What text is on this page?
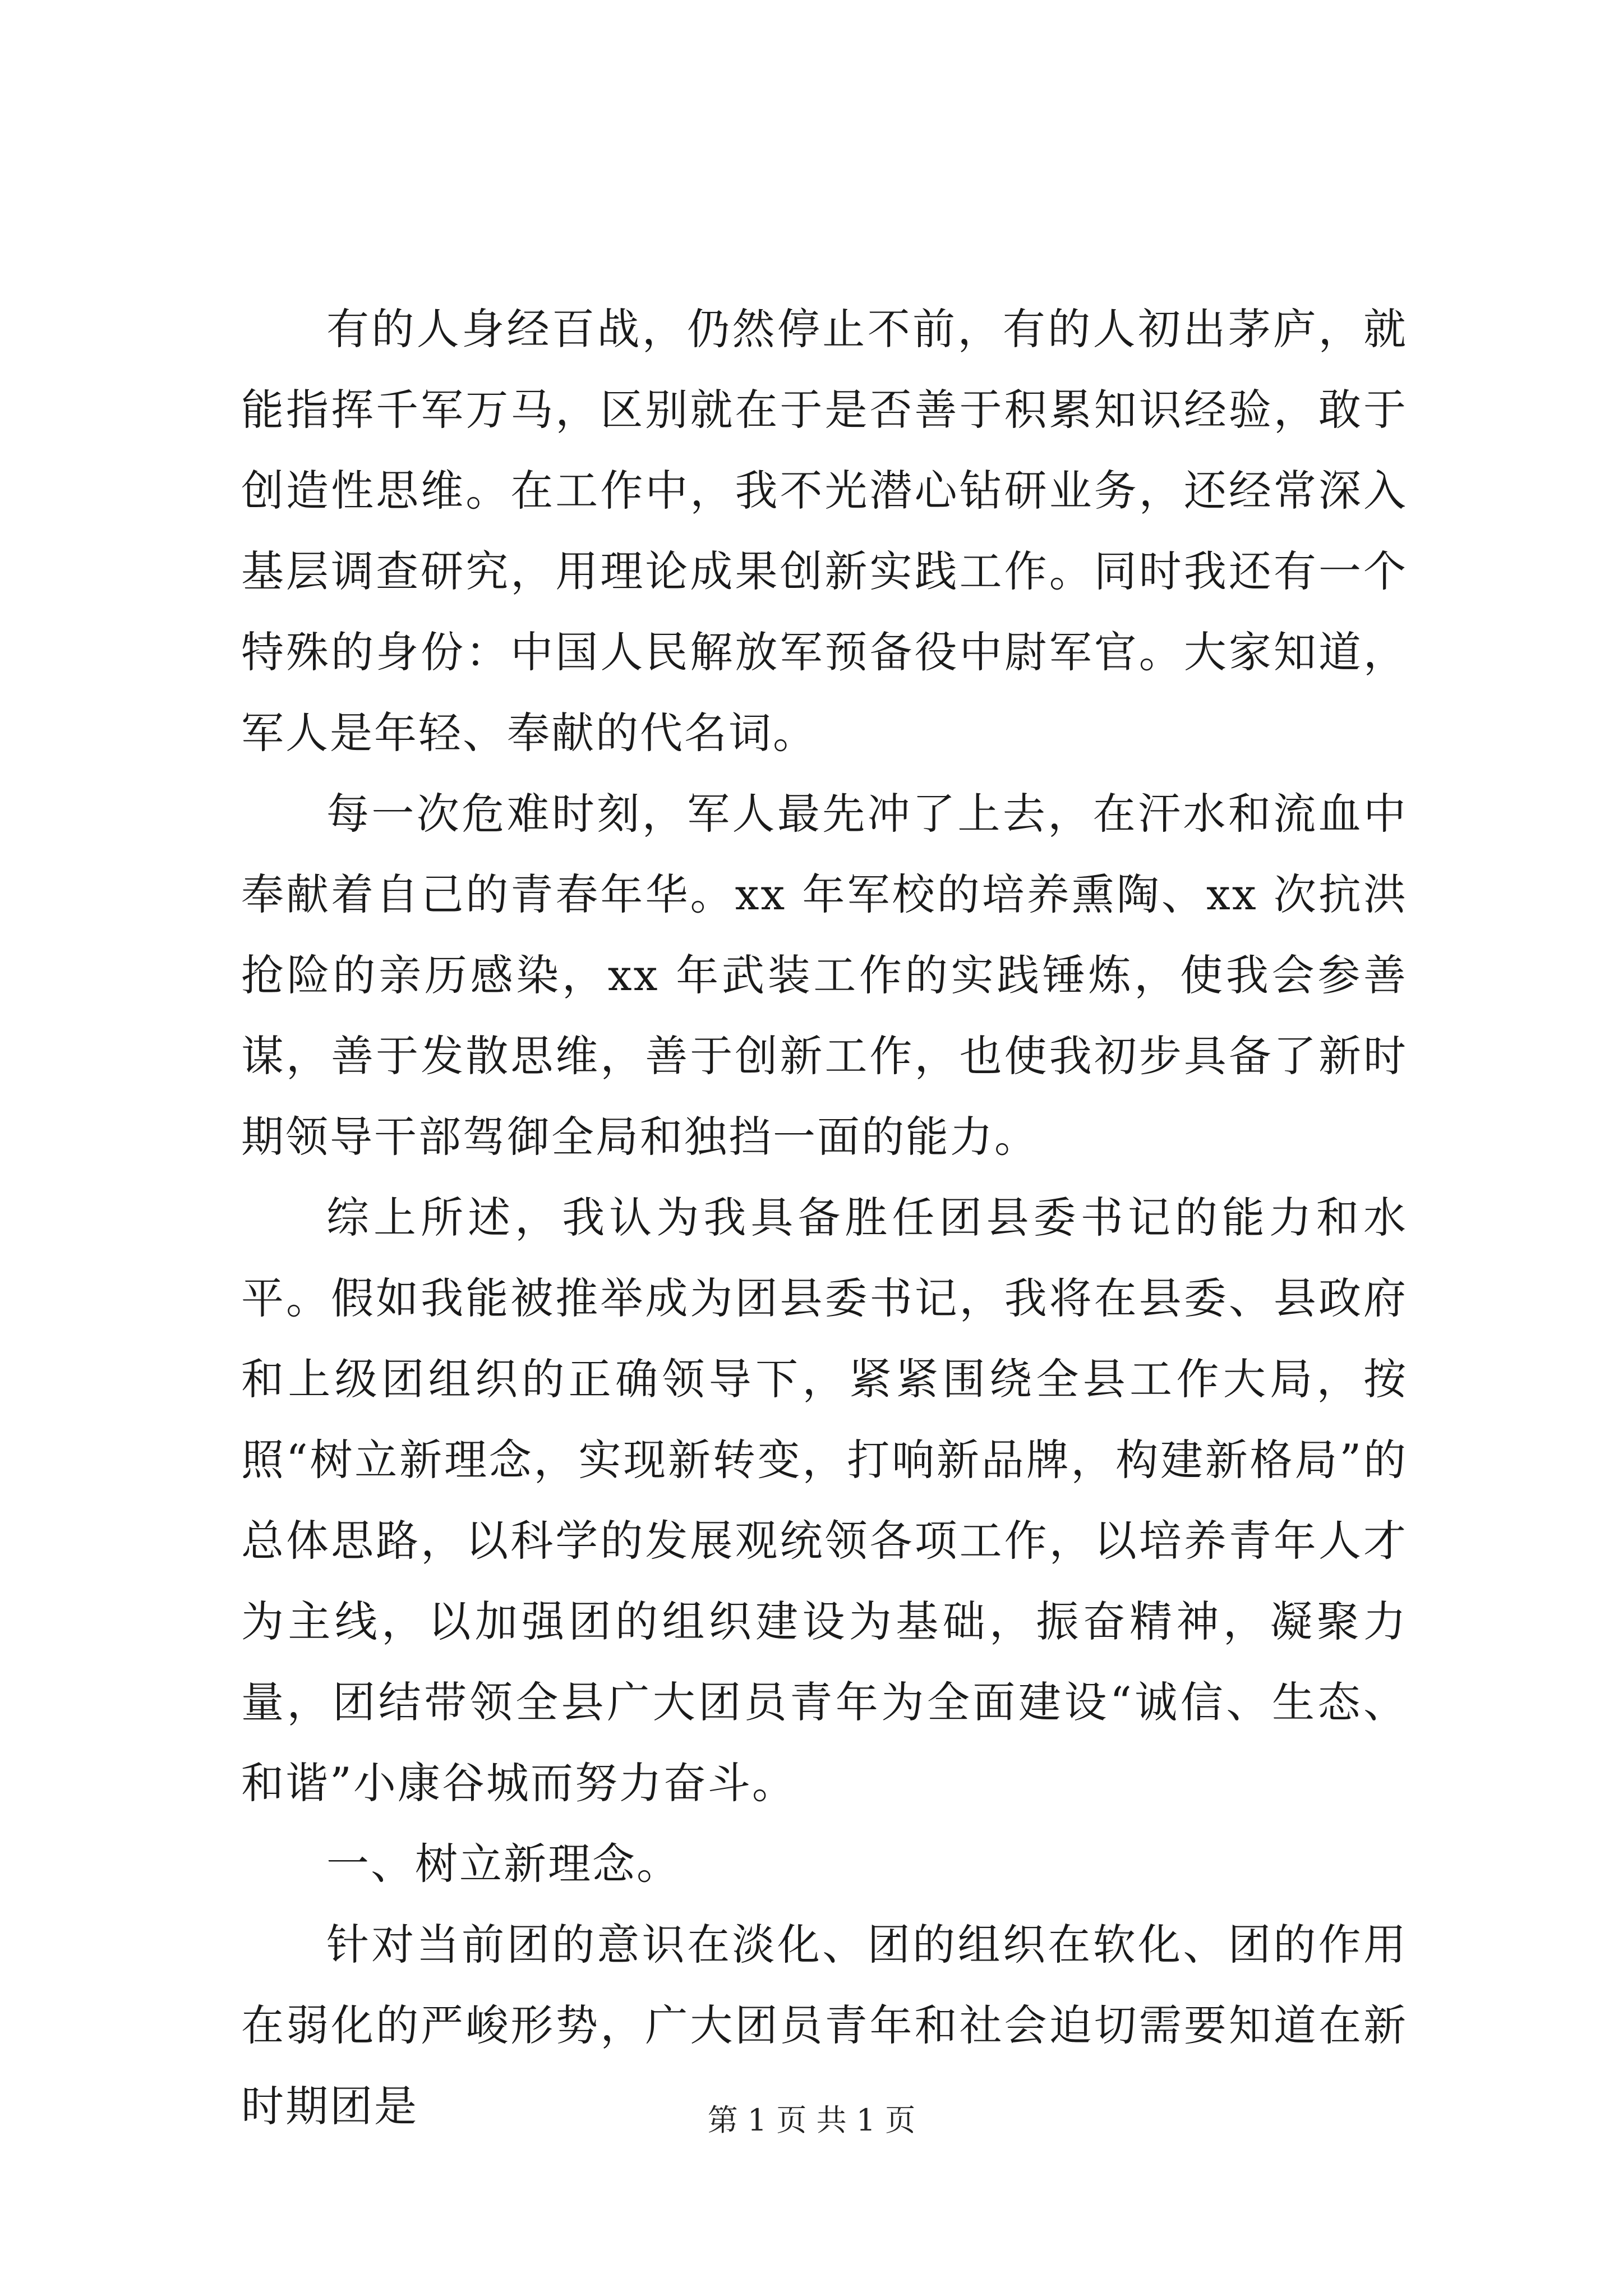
有的人身经百战，仍然停止不前，有的人初出茅庐，就能指挥千军万马，区别就在于是否善于积累知识经验，敢于创造性思维。在工作中，我不光潜心钻研业务，还经常深入基层调查研究，用理论成果创新实践工作。同时我还有一个特殊的身份：中国人民解放军预备役中尉军官。大家知道，军人是年轻、奉献的代名词。

每一次危难时刻，军人最先冲了上去，在汗水和流血中奉献着自己的青春年华。xx 年军校的培养熏陶、xx 次抗洪抢险的亲历感染，xx 年武装工作的实践锤炼，使我会参善谋，善于发散思维，善于创新工作，也使我初步具备了新时期领导干部驾御全局和独挡一面的能力。

综上所述，我认为我具备胜任团县委书记的能力和水平。假如我能被推举成为团县委书记，我将在县委、县政府和上级团组织的正确领导下，紧紧围绕全县工作大局，按照“树立新理念，实现新转变，打响新品牌，构建新格局”的总体思路，以科学的发展观统领各项工作，以培养青年人才为主线，以加强团的组织建设为基础，振奋精神，凝聚力量，团结带领全县广大团员青年为全面建设“诚信、生态、和谐”小康谷城而努力奋斗。

一、树立新理念。

针对当前团的意识在淡化、团的组织在软化、团的作用在弱化的严峻形势，广大团员青年和社会迫切需要知道在新时期团是	第 1 页 共 1 页
